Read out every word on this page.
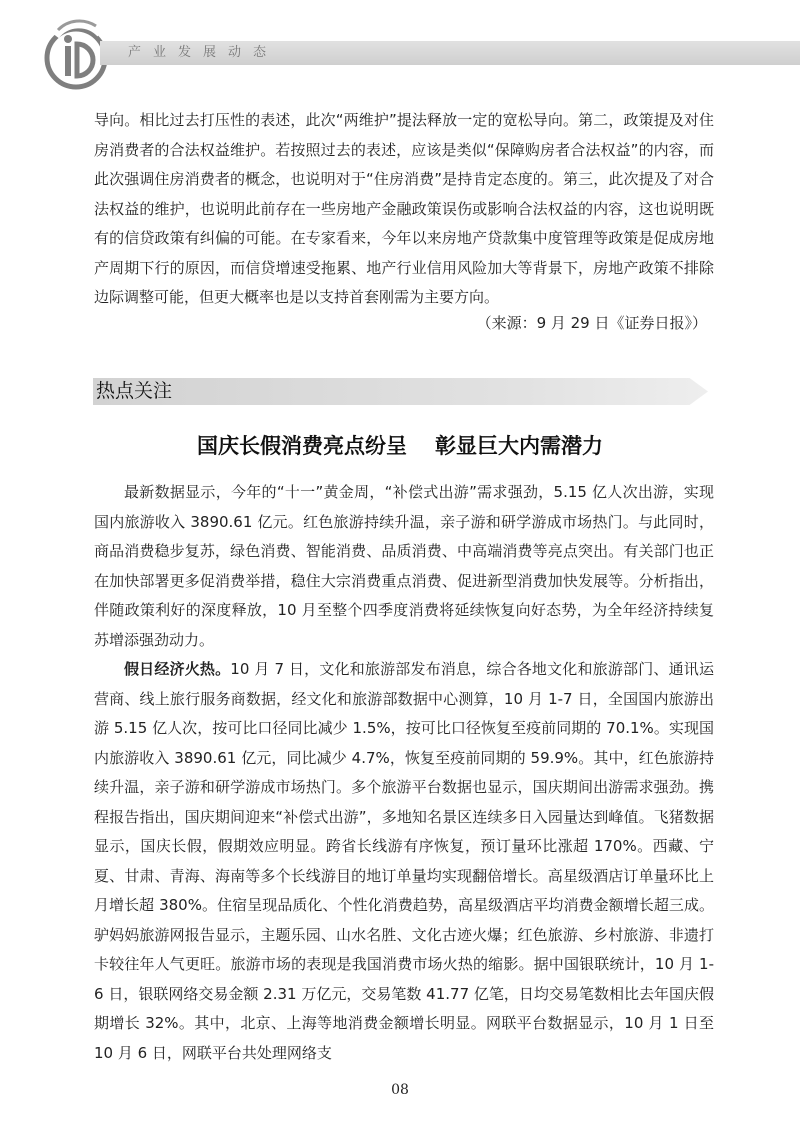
产业发展动态

导向。相比过去打压性的表述，此次“两维护”提法释放一定的宽松导向。第二，政策提及对住房消费者的合法权益维护。若按照过去的表述，应该是类似“保障购房者合法权益”的内容，而此次强调住房消费者的概念，也说明对于“住房消费”是持肯定态度的。第三，此次提及了对合法权益的维护，也说明此前存在一些房地产金融政策误伤或影响合法权益的内容，这也说明既有的信贷政策有纠偏的可能。在专家看来，今年以来房地产贷款集中度管理等政策是促成房地产周期下行的原因，而信贷增速受拖累、地产行业信用风险加大等背景下，房地产政策不排除边际调整可能，但更大概率也是以支持首套刚需为主要方向。

（来源：9 月 29 日《证券日报》）
热点关注
国庆长假消费亮点纷呈 彰显巨大内需潜力

最新数据显示，今年的“十一”黄金周，“补偿式出游”需求强劲，5.15 亿人次出游，实现国内旅游收入 3890.61 亿元。红色旅游持续升温，亲子游和研学游成市场热门。与此同时，商品消费稳步复苏，绿色消费、智能消费、品质消费、中高端消费等亮点突出。有关部门也正在加快部署更多促消费举措，稳住大宗消费重点消费、促进新型消费加快发展等。分析指出，伴随政策利好的深度释放，10 月至整个四季度消费将延续恢复向好态势，为全年经济持续复苏增添强劲动力。

假日经济火热。10 月 7 日，文化和旅游部发布消息，综合各地文化和旅游部门、通讯运营商、线上旅行服务商数据，经文化和旅游部数据中心测算，10 月 1-7 日，全国国内旅游出游 5.15 亿人次，按可比口径同比减少 1.5%，按可比口径恢复至疫前同期的 70.1%。实现国内旅游收入 3890.61 亿元，同比减少 4.7%，恢复至疫前同期的 59.9%。其中，红色旅游持续升温，亲子游和研学游成市场热门。多个旅游平台数据也显示，国庆期间出游需求强劲。携程报告指出，国庆期间迎来“补偿式出游”，多地知名景区连续多日入园量达到峰值。飞猪数据显示，国庆长假，假期效应明显。跨省长线游有序恢复，预订量环比涨超 170%。西藏、宁夏、甘肃、青海、海南等多个长线游目的地订单量均实现翻倍增长。高星级酒店订单量环比上月增长超 380%。住宿呈现品质化、个性化消费趋势，高星级酒店平均消费金额增长超三成。驴妈妈旅游网报告显示，主题乐园、山水名胜、文化古迹火爆；红色旅游、乡村旅游、非遗打卡较往年人气更旺。旅游市场的表现是我国消费市场火热的缩影。据中国银联统计，10 月 1-6 日，银联网络交易金额 2.31 万亿元，交易笔数 41.77 亿笔，日均交易笔数相比去年国庆假期增长 32%。其中，北京、上海等地消费金额增长明显。网联平台数据显示，10 月 1 日至 10 月 6 日，网联平台共处理网络支

08
